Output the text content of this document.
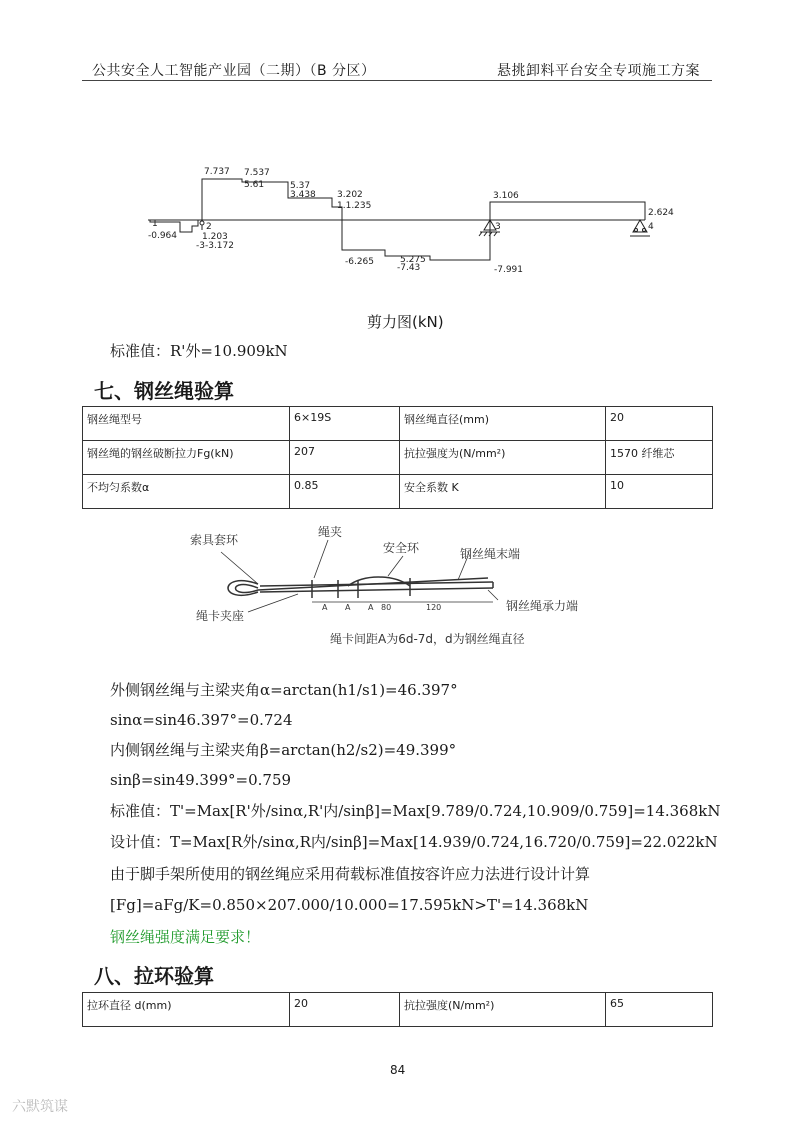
公共安全人工智能产业园（二期）（B 分区）	悬挑卸料平台安全专项施工方案
7.737 7.537
5.61	5.37
3.438 3.202
1.1.235
3.106
2.624
-0.964	1.203
-3-3.172
-6.265	5.275
-7.43	-7.991
1	2	3	4
剪力图(kN)
标准值：R'外=10.909kN
七、钢丝绳验算
钢丝绳型号	6×19S	钢丝绳直径(mm)	20
钢丝绳的钢丝破断拉力Fg(kN)	207	抗拉强度为(N/mm²)	1570 纤维芯
不均匀系数α	0.85	安全系数 K	10
索具套环
绳夹
安全环	钢丝绳末端
绳卡夹座
钢丝绳承力端
A A A 80	120
绳卡间距A为6d-7d，d为钢丝绳直径
外侧钢丝绳与主梁夹角α=arctan(h1/s1)=46.397°
sinα=sin46.397°=0.724
内侧钢丝绳与主梁夹角β=arctan(h2/s2)=49.399°
sinβ=sin49.399°=0.759
标准值：T'=Max[R'外/sinα,R'内/sinβ]=Max[9.789/0.724,10.909/0.759]=14.368kN
设计值：T=Max[R外/sinα,R内/sinβ]=Max[14.939/0.724,16.720/0.759]=22.022kN
由于脚手架所使用的钢丝绳应采用荷载标准值按容许应力法进行设计计算
[Fg]=aFg/K=0.850×207.000/10.000=17.595kN>T'=14.368kN
钢丝绳强度满足要求！
八、拉环验算
拉环直径 d(mm)	20	抗拉强度(N/mm²)	65
84
六默筑谋
